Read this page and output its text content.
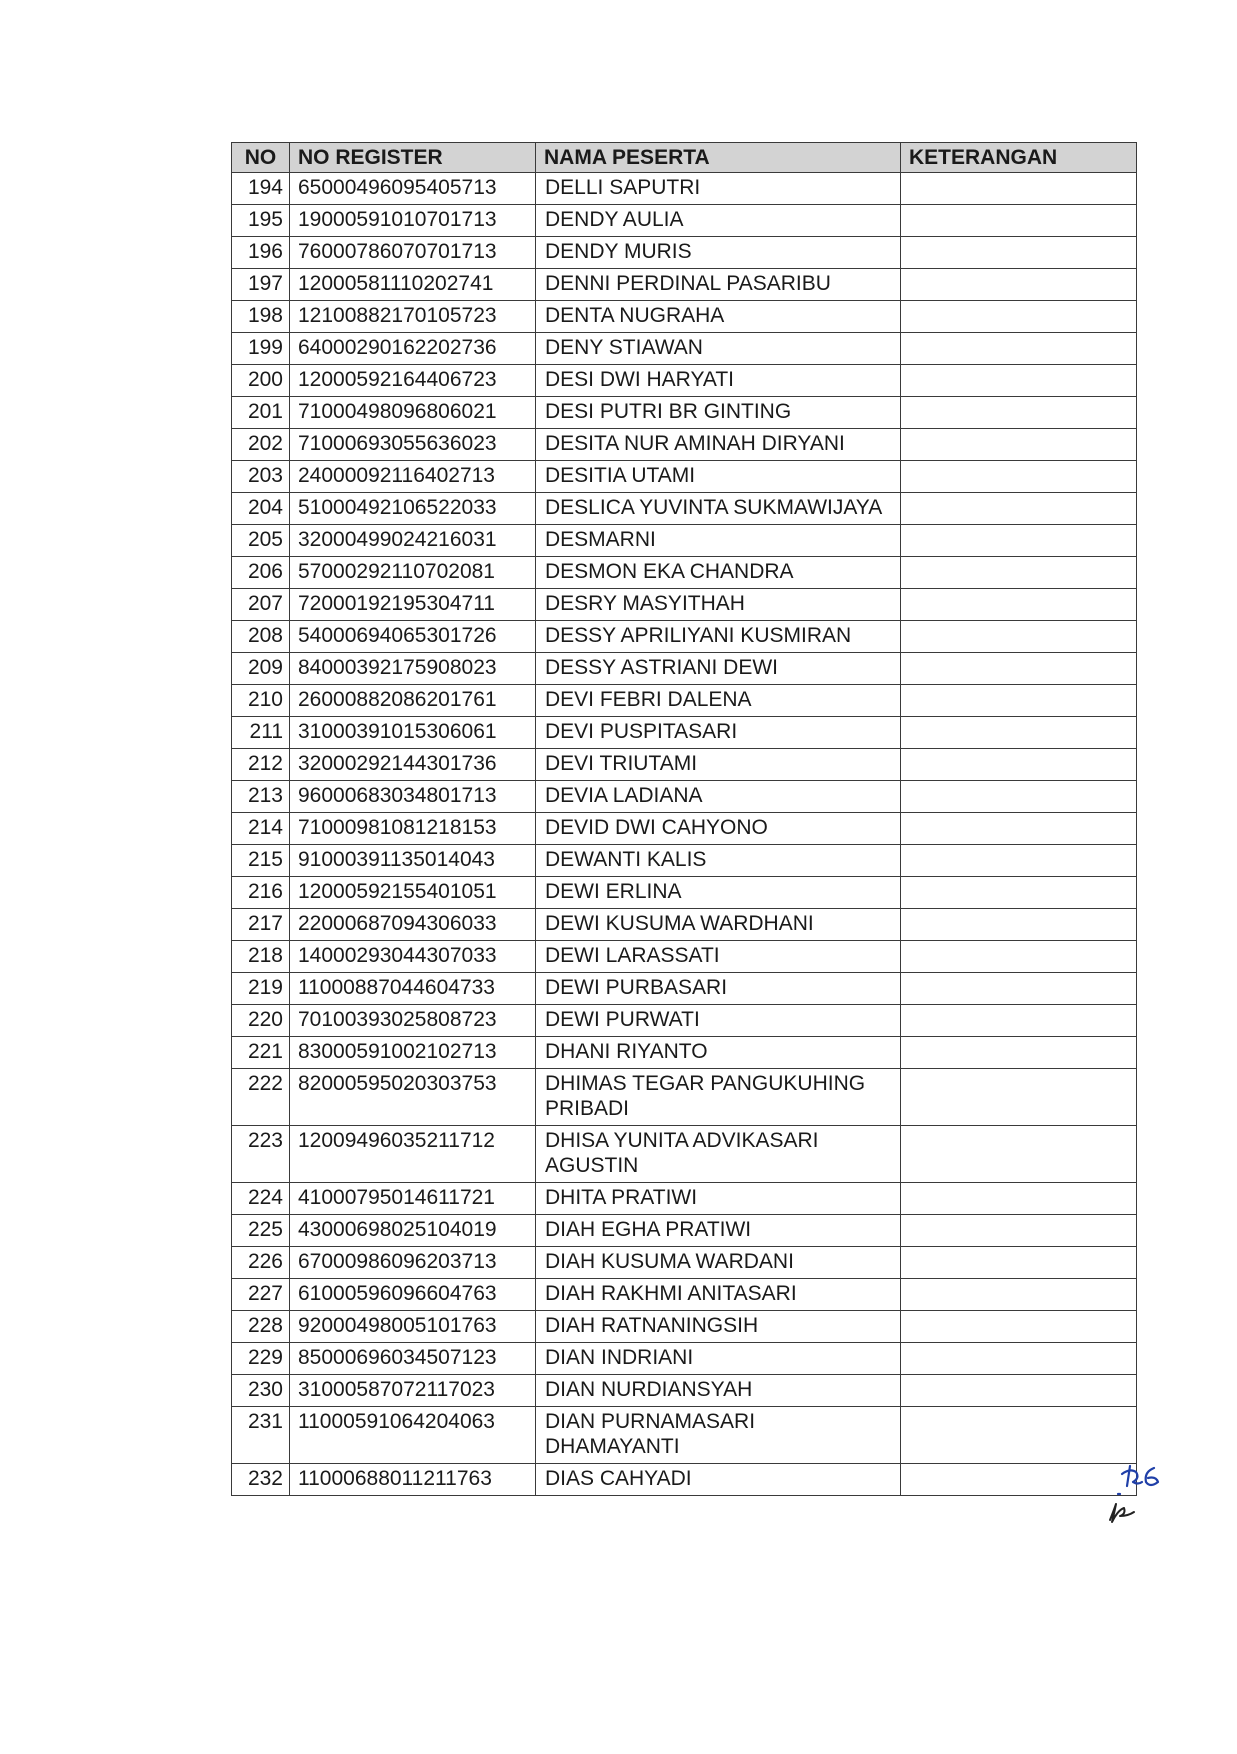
NO	NO REGISTER	NAMA PESERTA	KETERANGAN
194	65000496095405713	DELLI SAPUTRI	
195	19000591010701713	DENDY AULIA	
196	76000786070701713	DENDY MURIS	
197	12000581110202741	DENNI PERDINAL PASARIBU	
198	12100882170105723	DENTA NUGRAHA	
199	64000290162202736	DENY STIAWAN	
200	12000592164406723	DESI DWI HARYATI	
201	71000498096806021	DESI PUTRI BR GINTING	
202	71000693055636023	DESITA NUR AMINAH DIRYANI	
203	24000092116402713	DESITIA UTAMI	
204	51000492106522033	DESLICA YUVINTA SUKMAWIJAYA	
205	32000499024216031	DESMARNI	
206	57000292110702081	DESMON EKA CHANDRA	
207	72000192195304711	DESRY MASYITHAH	
208	54000694065301726	DESSY APRILIYANI KUSMIRAN	
209	84000392175908023	DESSY ASTRIANI DEWI	
210	26000882086201761	DEVI FEBRI DALENA	
211	31000391015306061	DEVI PUSPITASARI	
212	32000292144301736	DEVI TRIUTAMI	
213	96000683034801713	DEVIA LADIANA	
214	71000981081218153	DEVID DWI CAHYONO	
215	91000391135014043	DEWANTI KALIS	
216	12000592155401051	DEWI ERLINA	
217	22000687094306033	DEWI KUSUMA WARDHANI	
218	14000293044307033	DEWI LARASSATI	
219	11000887044604733	DEWI PURBASARI	
220	70100393025808723	DEWI PURWATI	
221	83000591002102713	DHANI RIYANTO	
222	82000595020303753	DHIMAS TEGAR PANGUKUHING PRIBADI	
223	12009496035211712	DHISA YUNITA ADVIKASARI AGUSTIN	
224	41000795014611721	DHITA PRATIWI	
225	43000698025104019	DIAH EGHA PRATIWI	
226	67000986096203713	DIAH KUSUMA WARDANI	
227	61000596096604763	DIAH RAKHMI ANITASARI	
228	92000498005101763	DIAH RATNANINGSIH	
229	85000696034507123	DIAN INDRIANI	
230	31000587072117023	DIAN NURDIANSYAH	
231	11000591064204063	DIAN PURNAMASARI DHAMAYANTI	
232	11000688011211763	DIAS CAHYADI	
